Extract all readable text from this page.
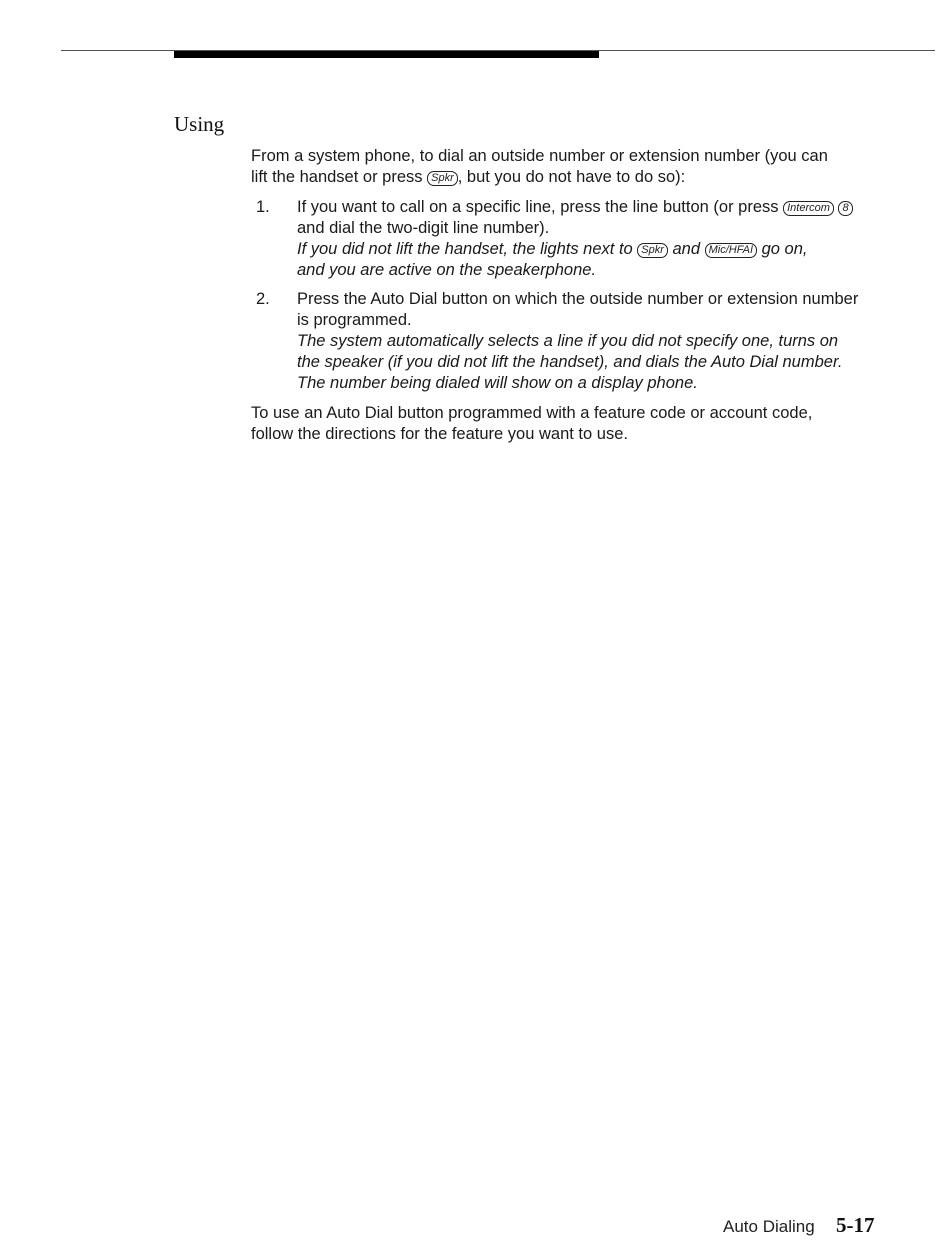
Using
From a system phone, to dial an outside number or extension number (you can
lift the handset or press Spkr , but you do not have to do so):
1. If you want to call on a specific line, press the line button (or press Intercom 8
and dial the two-digit line number).
If you did not lift the handset, the lights next to Spkr and Mic/HFAI go on,
and you are active on the speakerphone.
2. Press the Auto Dial button on which the outside number or extension number
is programmed.
The system automatically selects a line if you did not specify one, turns on
the speaker (if you did not lift the handset), and dials the Auto Dial number.
The number being dialed will show on a display phone.
To use an Auto Dial button programmed with a feature code or account code,
follow the directions for the feature you want to use.
Auto Dialing 5-17
